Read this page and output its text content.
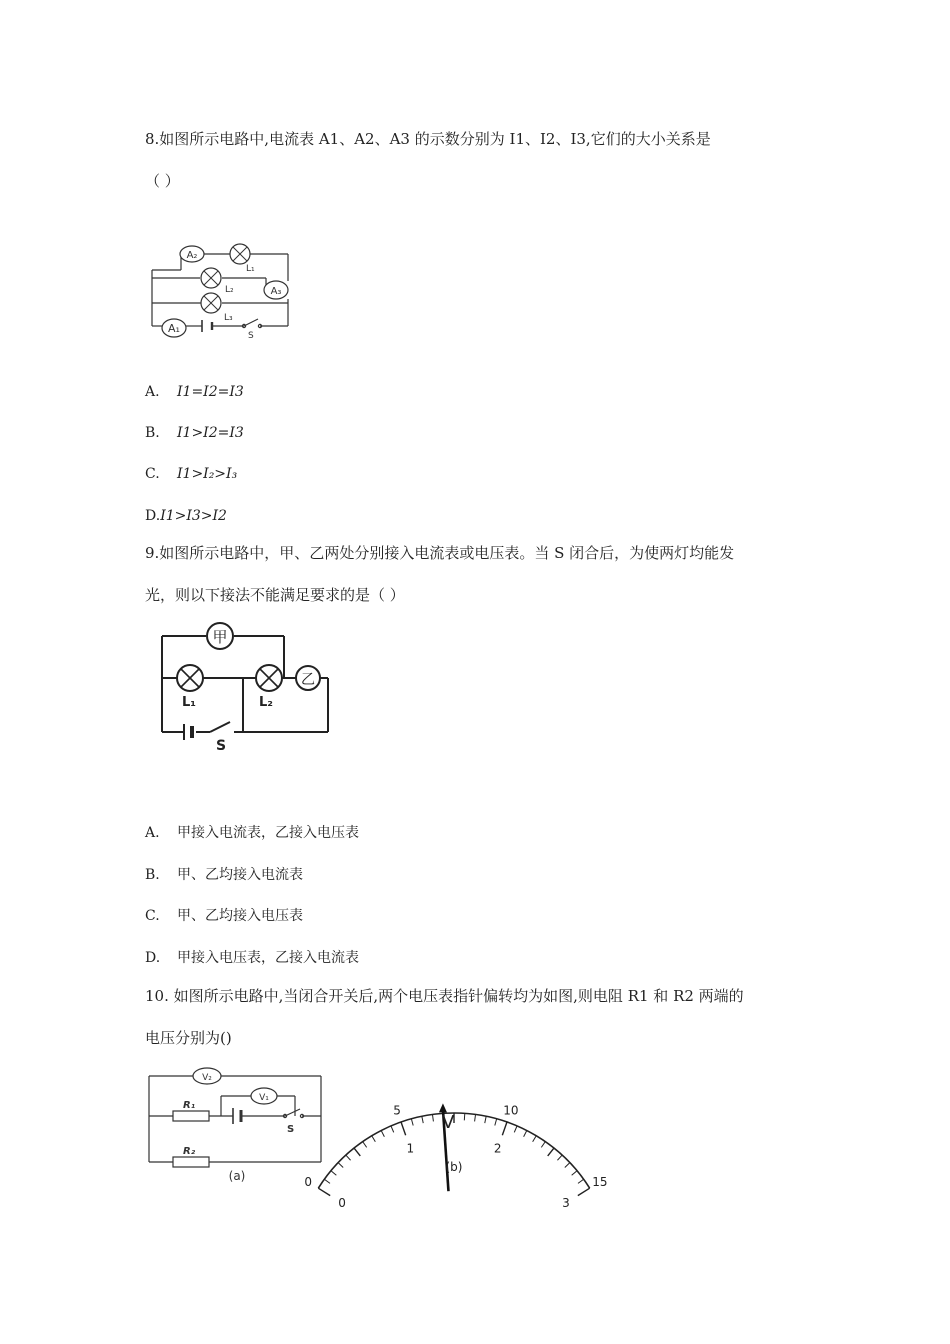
8.如图所示电路中,电流表 A1、A2、A3 的示数分别为 I1、I2、I3,它们的大小关系是
（ ）
A₂
L₁
L₂	A₃
L₃
A₁
S
A. I1=I2=I3
B. I1>I2=I3
C. I1>I₂>I₃
D.I1>I3>I2
9.如图所示电路中，甲、乙两处分别接入电流表或电压表。当 S 闭合后，为使两灯均能发
光，则以下接法不能满足要求的是（ ）
甲
L₁	L₂
乙
S
A. 甲接入电流表，乙接入电压表
B. 甲、乙均接入电流表
C. 甲、乙均接入电压表
D. 甲接入电压表，乙接入电流表
10. 如图所示电路中,当闭合开关后,两个电压表指针偏转均为如图,则电阻 R1 和 R2 两端的
电压分别为()
R₁
R₂
V₂
V₁
S
(a)	0
5	10
15
0
1	2
3
V
(b)
